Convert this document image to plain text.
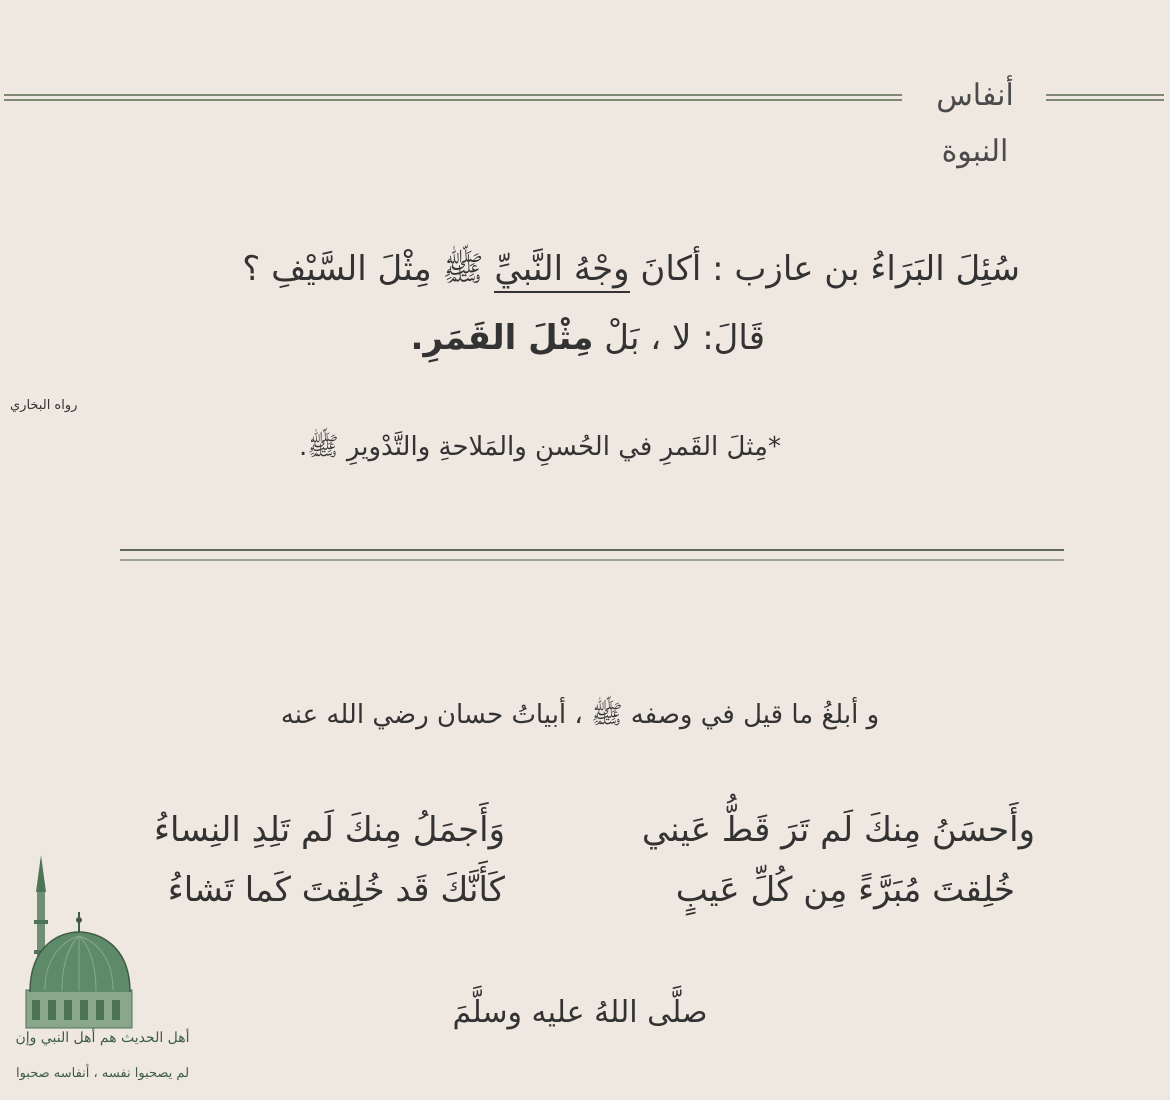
أنفاس النبوة
سُئِلَ البَرَاءُ بن عازب : أكانَ وجْهُ النَّبيِّ ﷺ مِثْلَ السَّيْفِ ؟
قَالَ: لا ، بَلْ مِثْلَ القَمَرِ.
رواه البخاري
*مِثلَ القَمرِ في الحُسنِ والمَلاحةِ والتَّدْويرِ ﷺ.
و أبلغُ ما قيل في وصفه ﷺ ، أبياتُ حسان رضي الله عنه
وأَحسَنُ مِنكَ لَم تَرَ قَطُّ عَيني
وَأَجمَلُ مِنكَ لَم تَلِدِ النِساءُ
خُلِقتَ مُبَرَّءً مِن كُلِّ عَيبٍ
كَأَنَّكَ قَد خُلِقتَ كَما تَشاءُ
صلَّى اللهُ عليه وسلَّمَ
أهل الحديث هم أهل النبي وإن
لم يصحبوا نفسه ، أنفاسه صحبوا
